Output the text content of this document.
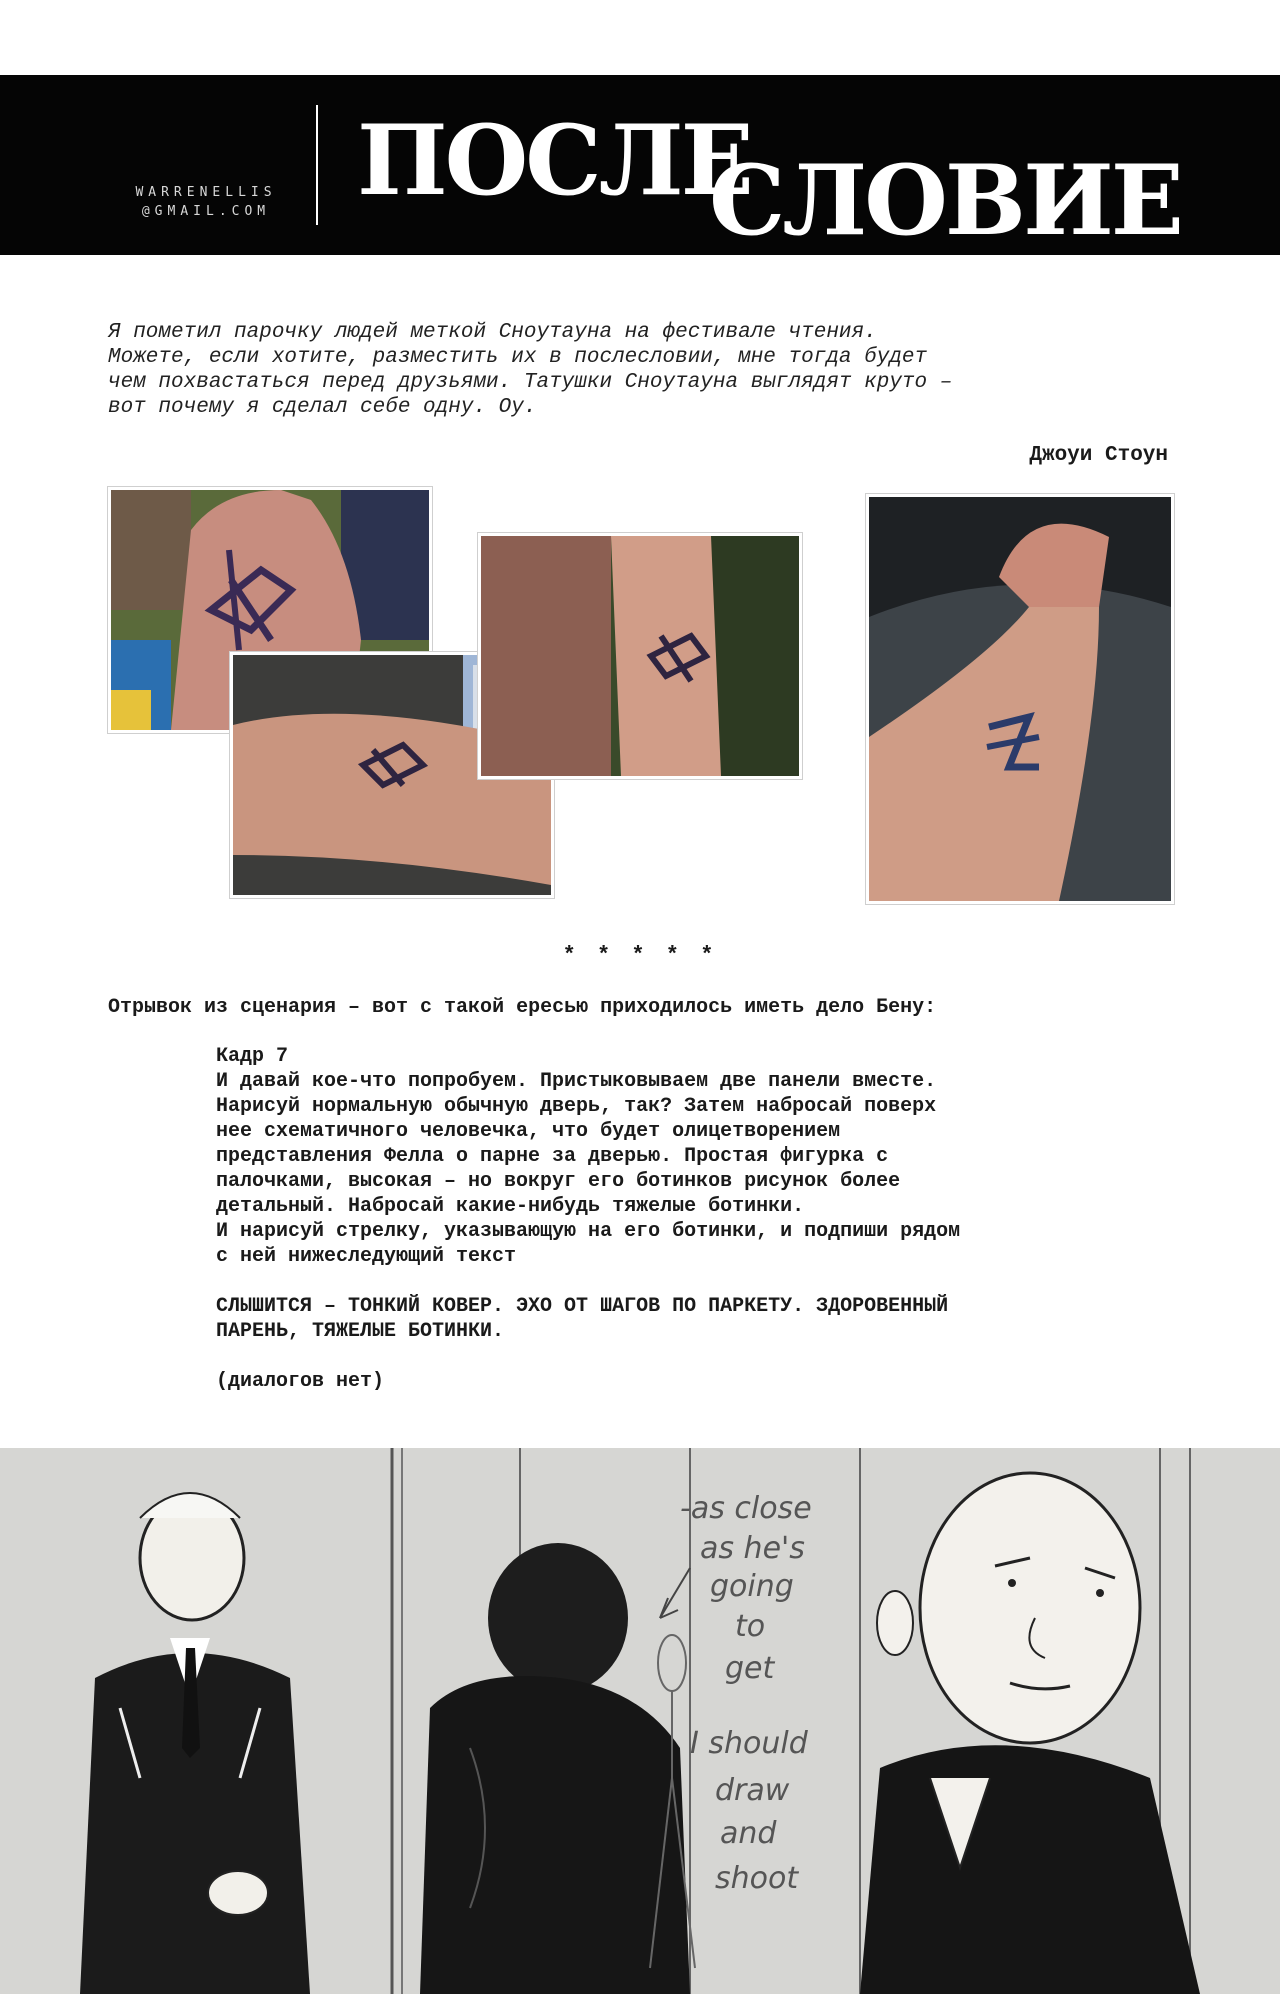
WARRENELLIS
@GMAIL.COM ПОСЛЕ
СЛОВИЕ
Я пометил парочку людей меткой Сноутауна на фестивале чтения.
Можете, если хотите, разместить их в послесловии, мне тогда будет
чем похвастаться перед друзьями. Татушки Сноутауна выглядят круто –
вот почему я сделал себе одну. Оу.
Джоуи Стоун
* * * * *
Отрывок из сценария – вот с такой ересью приходилось иметь дело Бену:
Кадр 7
И давай кое-что попробуем. Пристыковываем две панели вместе.
Нарисуй нормальную обычную дверь, так? Затем набросай поверх
нее схематичного человечка, что будет олицетворением
представления Фелла о парне за дверью. Простая фигурка с
палочками, высокая – но вокруг его ботинков рисунок более
детальный. Набросай какие-нибудь тяжелые ботинки.
И нарисуй стрелку, указывающую на его ботинки, и подпиши рядом
с ней нижеследующий текст
СЛЫШИТСЯ – ТОНКИЙ КОВЕР. ЭХО ОТ ШАГОВ ПО ПАРКЕТУ. ЗДОРОВЕННЫЙ
ПАРЕНЬ, ТЯЖЕЛЫЕ БОТИНКИ.
(диалогов нет)
-as close
as he's
going
to
get
I should
draw
and
shoot
